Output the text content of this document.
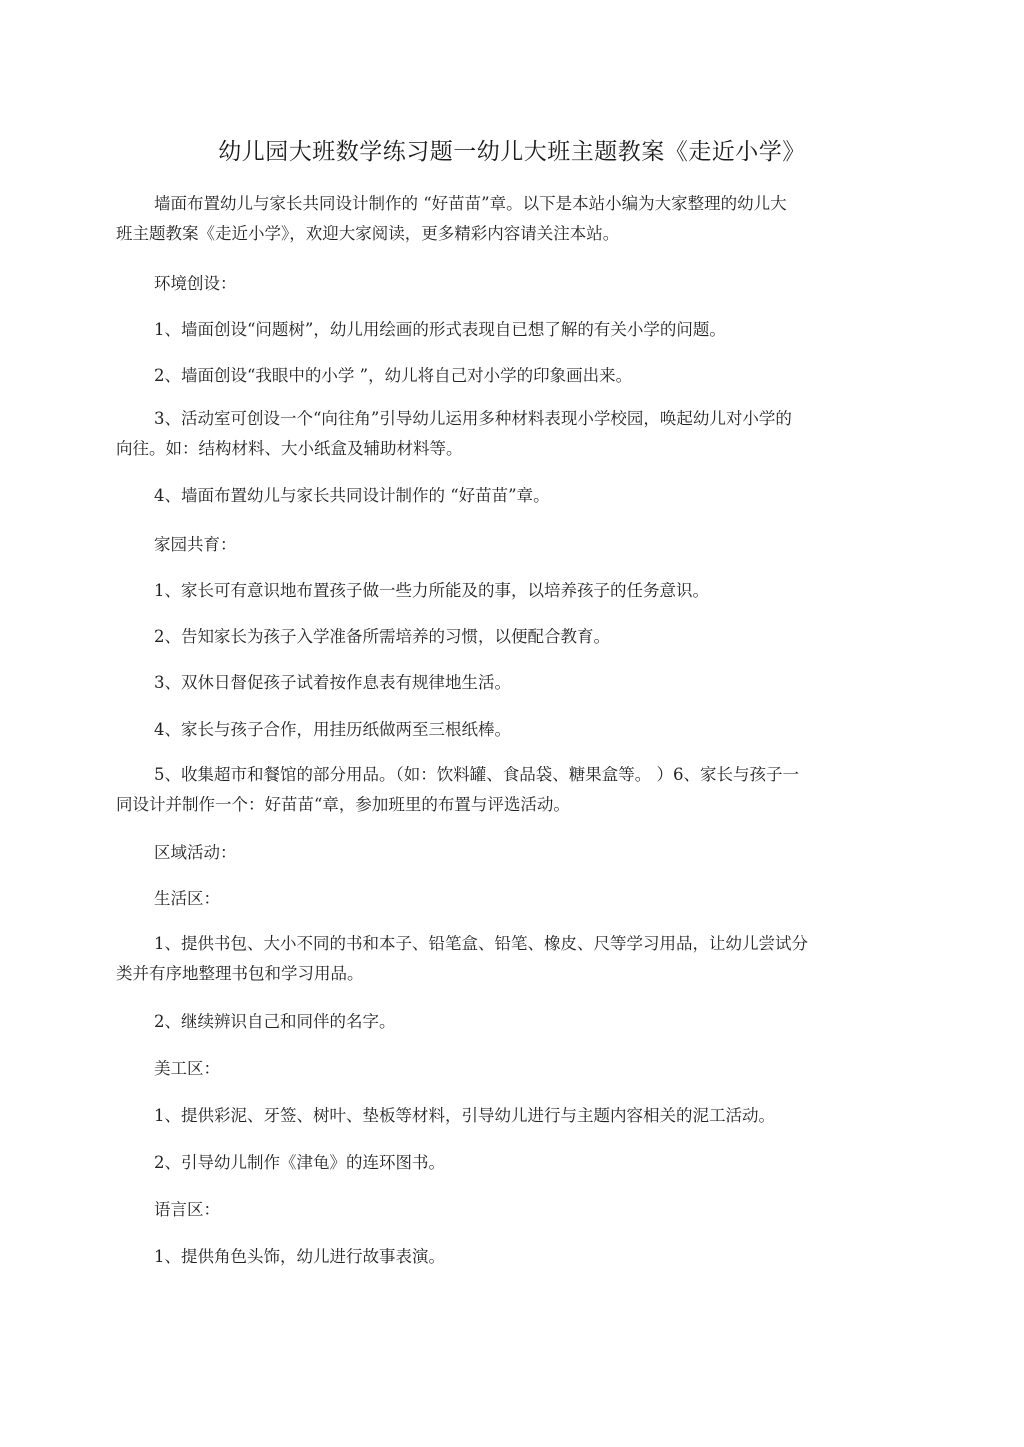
幼儿园大班数学练习题一幼儿大班主题教案《走近小学》
墙面布置幼儿与家长共同设计制作的 “好苗苗”章。以下是本站小编为大家整理的幼儿大
班主题教案《走近小学》，欢迎大家阅读，更多精彩内容请关注本站。
环境创设：
1、墙面创设“问题树”，幼儿用绘画的形式表现自已想了解的有关小学的问题。
2、墙面创设“我眼中的小学 ”，幼儿将自己对小学的印象画出来。
3、活动室可创设一个“向往角”引导幼儿运用多种材料表现小学校园，唤起幼儿对小学的
向往。如：结构材料、大小纸盒及辅助材料等。
4、墙面布置幼儿与家长共同设计制作的 “好苗苗”章。
家园共育：
1、家长可有意识地布置孩子做一些力所能及的事，以培养孩子的任务意识。
2、告知家长为孩子入学准备所需培养的习惯，以便配合教育。
3、双休日督促孩子试着按作息表有规律地生活。
4、家长与孩子合作，用挂历纸做两至三根纸棒。
5、收集超市和餐馆的部分用品。（如：饮料罐、食品袋、糖果盒等。 ）6、家长与孩子一
同设计并制作一个：好苗苗“章，参加班里的布置与评选活动。
区域活动：
生活区：
1、提供书包、大小不同的书和本子、铅笔盒、铅笔、橡皮、尺等学习用品，让幼儿尝试分
类并有序地整理书包和学习用品。
2、继续辨识自己和同伴的名字。
美工区：
1、提供彩泥、牙签、树叶、垫板等材料，引导幼儿进行与主题内容相关的泥工活动。
2、引导幼儿制作《津龟》的连环图书。
语言区：
1、提供角色头饰，幼儿进行故事表演。
